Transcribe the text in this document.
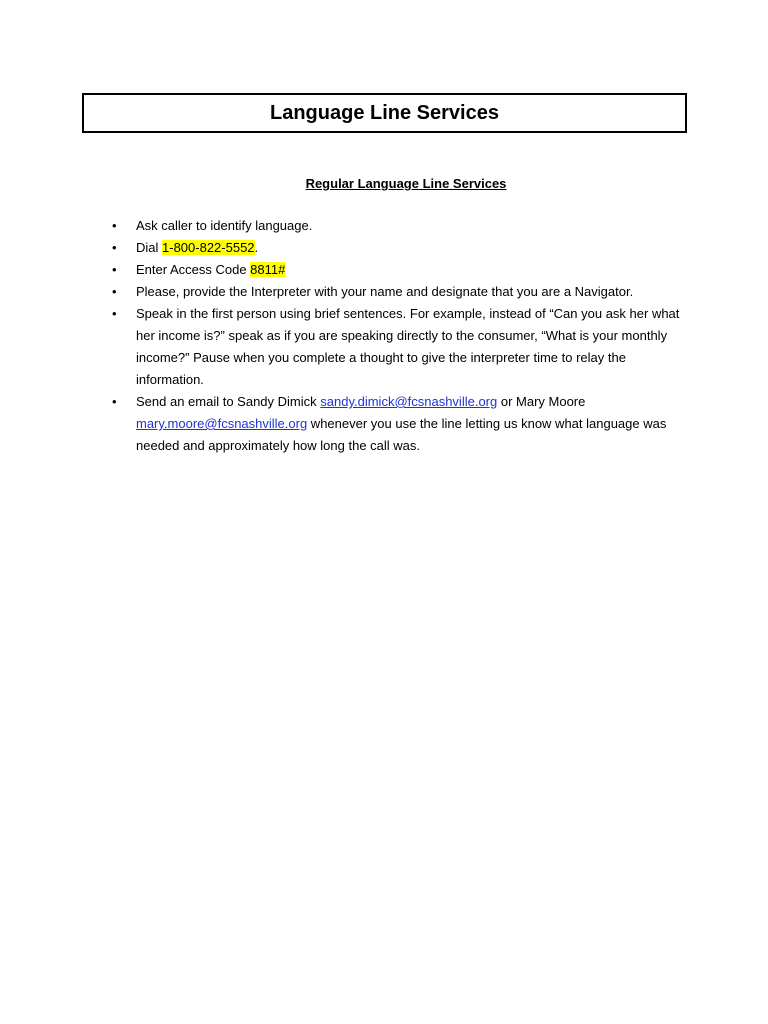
Language Line Services
Regular Language Line Services
•	Ask caller to identify language.
•	Dial 1-800-822-5552.
•	Enter Access Code 8811#
•	Please, provide the Interpreter with your name and designate that you are a Navigator.
•	Speak in the first person using brief sentences. For example, instead of “Can you ask her what her income is?” speak as if you are speaking directly to the consumer, “What is your monthly income?” Pause when you complete a thought to give the interpreter time to relay the information.
•	Send an email to Sandy Dimick sandy.dimick@fcsnashville.org or Mary Moore mary.moore@fcsnashville.org whenever you use the line letting us know what language was needed and approximately how long the call was.
